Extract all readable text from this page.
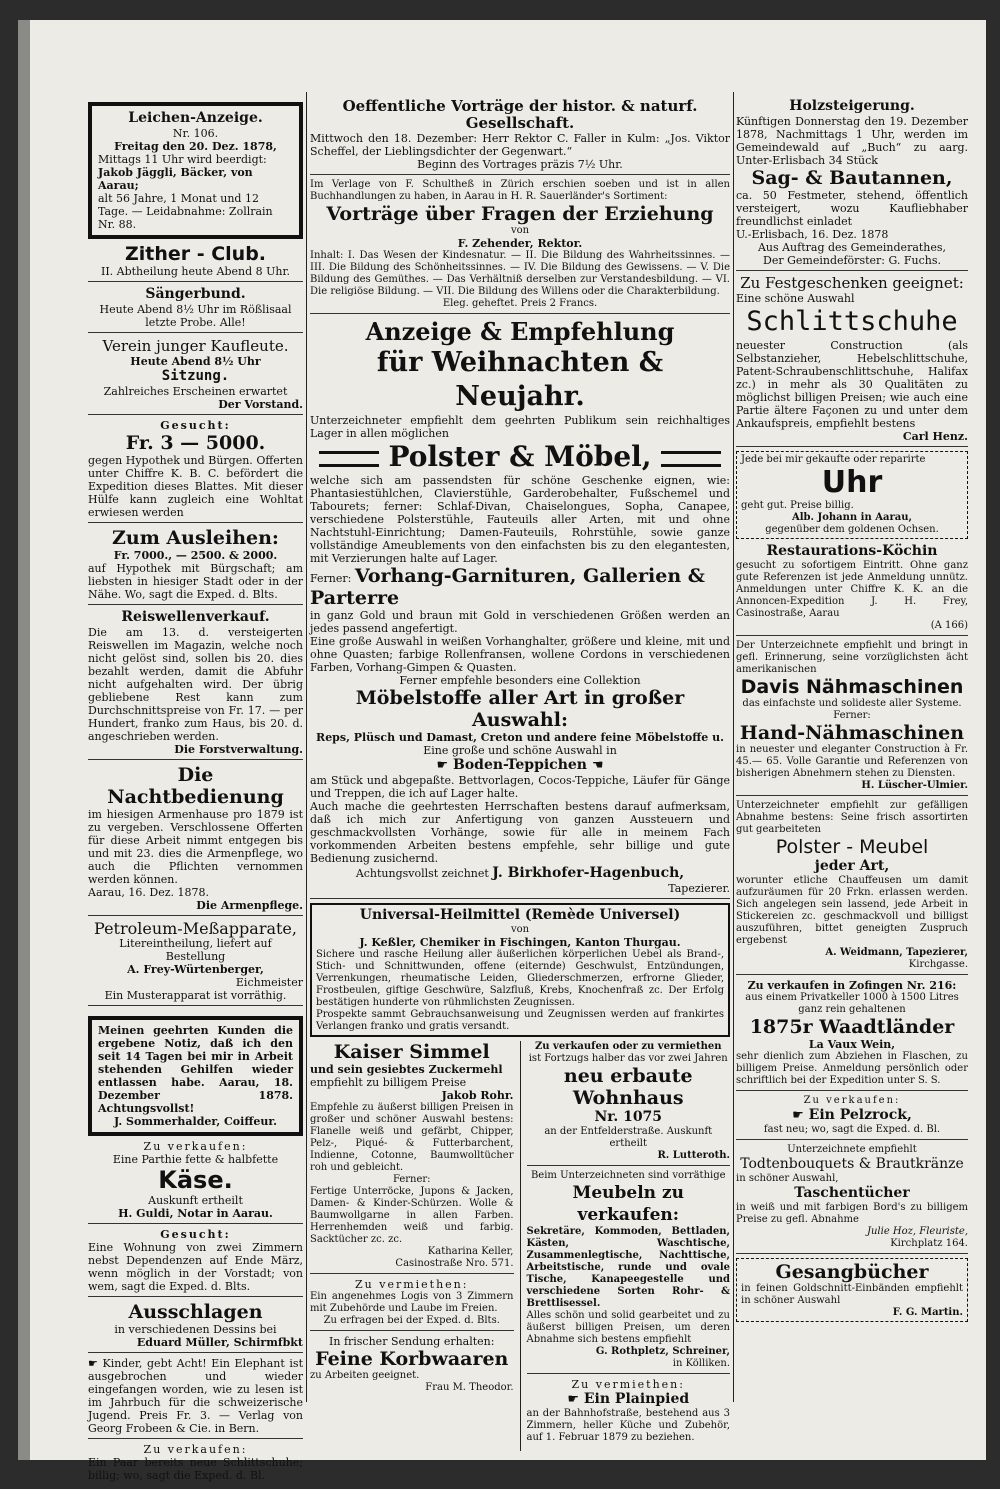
Leichen-Anzeige.
Nr. 106.
Freitag den 20. Dez. 1878,
Mittags 11 Uhr wird beerdigt:
Jakob Jäggli, Bäcker, von Aarau;
alt 56 Jahre, 1 Monat und 12
Tage. — Leidabnahme: Zollrain
Nr. 88.
Zither - Club.
II. Abtheilung heute Abend 8 Uhr.
Sängerbund.
Heute Abend 8½ Uhr im Rößlisaal
letzte Probe. Alle!
Verein junger Kaufleute.
Heute Abend 8½ Uhr
Sitzung.
Zahlreiches Erscheinen erwartet
Der Vorstand.
Gesucht:
Fr. 3 — 5000.
gegen Hypothek und Bürgen. Offerten unter Chiffre K. B. C. befördert die Expedition dieses Blattes. Mit dieser Hülfe kann zugleich eine Wohltat erwiesen werden
Zum Ausleihen:
Fr. 7000., — 2500. & 2000.
auf Hypothek mit Bürgschaft; am liebsten in hiesiger Stadt oder in der Nähe. Wo, sagt die Exped. d. Blts.
Reiswellenverkauf.
Die am 13. d. versteigerten Reiswellen im Magazin, welche noch nicht gelöst sind, sollen bis 20. dies bezahlt werden, damit die Abfuhr nicht aufgehalten wird. Der übrig gebliebene Rest kann zum Durchschnittspreise von Fr. 17. — per Hundert, franko zum Haus, bis 20. d. angeschrieben werden.
Die Forstverwaltung.
Die Nachtbedienung
im hiesigen Armenhause pro 1879 ist zu vergeben. Verschlossene Offerten für diese Arbeit nimmt entgegen bis und mit 23. dies die Armenpflege, wo auch die Pflichten vernommen werden können.
Aarau, 16. Dez. 1878.
Die Armenpflege.
Petroleum-Meßapparate,
Litereintheilung, liefert auf Bestellung
A. Frey-Würtenberger,
Eichmeister
Ein Musterapparat ist vorräthig.
Meinen geehrten Kunden die ergebene Notiz, daß ich den seit 14 Tagen bei mir in Arbeit stehenden Gehilfen wieder entlassen habe. Aarau, 18. Dezember 1878. Achtungsvollst!
J. Sommerhalder, Coiffeur.
Zu verkaufen:
Eine Parthie fette & halbfette
Käse.
Auskunft ertheilt
H. Guldi, Notar in Aarau.
Gesucht:
Eine Wohnung von zwei Zimmern nebst Dependenzen auf Ende März, wenn möglich in der Vorstadt; von wem, sagt die Exped. d. Blts.
Ausschlagen
in verschiedenen Dessins bei
Eduard Müller, Schirmfbkt
☛ Kinder, gebt Acht! Ein Elephant ist ausgebrochen und wieder eingefangen worden, wie zu lesen ist im Jahrbuch für die schweizerische Jugend. Preis Fr. 3. — Verlag von Georg Frobeen & Cie. in Bern.
Zu verkaufen:
Ein Paar bereits neue Schlittschuhe; billig; wo, sagt die Exped. d. Bl.
Oeffentliche Vorträge der histor. & naturf. Gesellschaft.
Mittwoch den 18. Dezember: Herr Rektor C. Faller in Kulm: „Jos. Viktor Scheffel, der Lieblingsdichter der Gegenwart.“
Beginn des Vortrages präzis 7½ Uhr.
Im Verlage von F. Schultheß in Zürich erschien soeben und ist in allen Buchhandlungen zu haben, in Aarau in H. R. Sauerländer's Sortiment:
Vorträge über Fragen der Erziehung
von
F. Zehender, Rektor.
Inhalt: I. Das Wesen der Kindesnatur. — II. Die Bildung des Wahrheitssinnes. — III. Die Bildung des Schönheitssinnes. — IV. Die Bildung des Gewissens. — V. Die Bildung des Gemüthes. — Das Verhältniß derselben zur Verstandesbildung. — VI. Die religiöse Bildung. — VII. Die Bildung des Willens oder die Charakterbildung.
Eleg. geheftet. Preis 2 Francs.
Anzeige & Empfehlung
für Weihnachten & Neujahr.
Unterzeichneter empfiehlt dem geehrten Publikum sein reichhaltiges Lager in allen möglichen
Polster & Möbel,
welche sich am passendsten für schöne Geschenke eignen, wie: Phantasiestühlchen, Clavierstühle, Garderobehalter, Fußschemel und Tabourets; ferner: Schlaf-Divan, Chaiselongues, Sopha, Canapee, verschiedene Polsterstühle, Fauteuils aller Arten, mit und ohne Nachtstuhl-Einrichtung; Damen-Fauteuils, Rohrstühle, sowie ganze vollständige Ameublements von den einfachsten bis zu den elegantesten, mit Verzierungen halte auf Lager.
Ferner: Vorhang-Garnituren, Gallerien & Parterre
in ganz Gold und braun mit Gold in verschiedenen Größen werden an jedes passend angefertigt.
Eine große Auswahl in weißen Vorhanghalter, größere und kleine, mit und ohne Quasten; farbige Rollenfransen, wollene Cordons in verschiedenen Farben, Vorhang-Gimpen & Quasten.
Ferner empfehle besonders eine Collektion
Möbelstoffe aller Art in großer Auswahl:
Reps, Plüsch und Damast, Creton und andere feine Möbelstoffe u.
Eine große und schöne Auswahl in
☛ Boden-Teppichen ☚
am Stück und abgepaßte. Bettvorlagen, Cocos-Teppiche, Läufer für Gänge und Treppen, die ich auf Lager halte.
Auch mache die geehrtesten Herrschaften bestens darauf aufmerksam, daß ich mich zur Anfertigung von ganzen Aussteuern und geschmackvollsten Vorhänge, sowie für alle in meinem Fach vorkommenden Arbeiten bestens empfehle, sehr billige und gute Bedienung zusichernd.
Achtungsvollst zeichnet J. Birkhofer-Hagenbuch,
Tapezierer.
Universal-Heilmittel (Remède Universel)
von
J. Keßler, Chemiker in Fischingen, Kanton Thurgau.
Sichere und rasche Heilung aller äußerlichen körperlichen Uebel als Brand-, Stich- und Schnittwunden, offene (eiternde) Geschwulst, Entzündungen, Verrenkungen, rheumatische Leiden, Gliederschmerzen, erfrorne Glieder, Frostbeulen, giftige Geschwüre, Salzfluß, Krebs, Knochenfraß zc. Der Erfolg bestätigen hunderte von rühmlichsten Zeugnissen.
Prospekte sammt Gebrauchsanweisung und Zeugnissen werden auf frankirtes Verlangen franko und gratis versandt.
Kaiser Simmel
und sein gesiebtes Zuckermehl
empfiehlt zu billigem Preise
Jakob Rohr.
Empfehle zu äußerst billigen Preisen in großer und schöner Auswahl bestens: Flanelle weiß und gefärbt, Chipper, Pelz-, Piqué- & Futterbarchent, Indienne, Cotonne, Baumwolltücher roh und gebleicht.
Ferner:
Fertige Unterröcke, Jupons & Jacken, Damen- & Kinder-Schürzen. Wolle & Baumwollgarne in allen Farben. Herrenhemden weiß und farbig. Sacktücher zc. zc.
Katharina Keller,
Casinostraße Nro. 571.
Zu vermiethen:
Ein angenehmes Logis von 3 Zimmern mit Zubehörde und Laube im Freien.
Zu erfragen bei der Exped. d. Blts.
In frischer Sendung erhalten:
Feine Korbwaaren
zu Arbeiten geeignet.
Frau M. Theodor.
Zu verkaufen oder zu vermiethen
ist Fortzugs halber das vor zwei Jahren
neu erbaute Wohnhaus
Nr. 1075
an der Entfelderstraße. Auskunft ertheilt
R. Lutteroth.
Beim Unterzeichneten sind vorräthige
Meubeln zu verkaufen:
Sekretäre, Kommoden, Bettladen, Kästen, Waschtische, Zusammenlegtische, Nachttische, Arbeitstische, runde und ovale Tische, Kanapeegestelle und verschiedene Sorten Rohr- & Brettlisessel.
Alles schön und solid gearbeitet und zu äußerst billigen Preisen, um deren Abnahme sich bestens empfiehlt
G. Rothpletz, Schreiner,
in Kölliken.
Zu vermiethen:
☛ Ein Plainpied
an der Bahnhofstraße, bestehend aus 3 Zimmern, heller Küche und Zubehör, auf 1. Februar 1879 zu beziehen.
Holzsteigerung.
Künftigen Donnerstag den 19. Dezember 1878, Nachmittags 1 Uhr, werden im Gemeindewald auf „Buch“ zu aarg. Unter-Erlisbach 34 Stück
Sag- & Bautannen,
ca. 50 Festmeter, stehend, öffentlich versteigert, wozu Kaufliebhaber freundlichst einladet
U.-Erlisbach, 16. Dez. 1878
Aus Auftrag des Gemeinderathes,
Der Gemeindeförster: G. Fuchs.
Zu Festgeschenken geeignet:
Eine schöne Auswahl
Schlittschuhe
neuester Construction (als Selbstanzieher, Hebelschlittschuhe, Patent-Schraubenschlittschuhe, Halifax zc.) in mehr als 30 Qualitäten zu möglichst billigen Preisen; wie auch eine Partie ältere Façonen zu und unter dem Ankaufspreis, empfiehlt bestens
Carl Henz.
Jede bei mir gekaufte oder reparirte
Uhr
geht gut. Preise billig.
Alb. Johann in Aarau,
gegenüber dem goldenen Ochsen.
Restaurations-Köchin
gesucht zu sofortigem Eintritt. Ohne ganz gute Referenzen ist jede Anmeldung unnütz. Anmeldungen unter Chiffre K. K. an die Annoncen-Expedition J. H. Frey, Casinostraße, Aarau
(A 166)
Der Unterzeichnete empfiehlt und bringt in gefl. Erinnerung, seine vorzüglichsten ächt amerikanischen
Davis Nähmaschinen
das einfachste und solideste aller Systeme.
Ferner:
Hand-Nähmaschinen
in neuester und eleganter Construction à Fr. 45.— 65. Volle Garantie und Referenzen von bisherigen Abnehmern stehen zu Diensten.
H. Lüscher-Ulmier.
Unterzeichneter empfiehlt zur gefälligen Abnahme bestens: Seine frisch assortirten gut gearbeiteten
Polster - Meubel
jeder Art,
worunter etliche Chauffeusen um damit aufzuräumen für 20 Frkn. erlassen werden. Sich angelegen sein lassend, jede Arbeit in Stickereien zc. geschmackvoll und billigst auszuführen, bittet geneigten Zuspruch ergebenst
A. Weidmann, Tapezierer,
Kirchgasse.
Zu verkaufen in Zofingen Nr. 216:
aus einem Privatkeller 1000 à 1500 Litres ganz rein gehaltenen
1875r Waadtländer
La Vaux Wein,
sehr dienlich zum Abziehen in Flaschen, zu billigem Preise. Anmeldung persönlich oder schriftlich bei der Expedition unter S. S.
Zu verkaufen:
☛ Ein Pelzrock,
fast neu; wo, sagt die Exped. d. Bl.
Unterzeichnete empfiehlt
Todtenbouquets & Brautkränze
in schöner Auswahl,
Taschentücher
in weiß und mit farbigen Bord's zu billigem Preise zu gefl. Abnahme
Julie Hoz, Fleuriste,
Kirchplatz 164.
Gesangbücher
in feinen Goldschnitt-Einbänden empfiehlt in schöner Auswahl
F. G. Martin.
